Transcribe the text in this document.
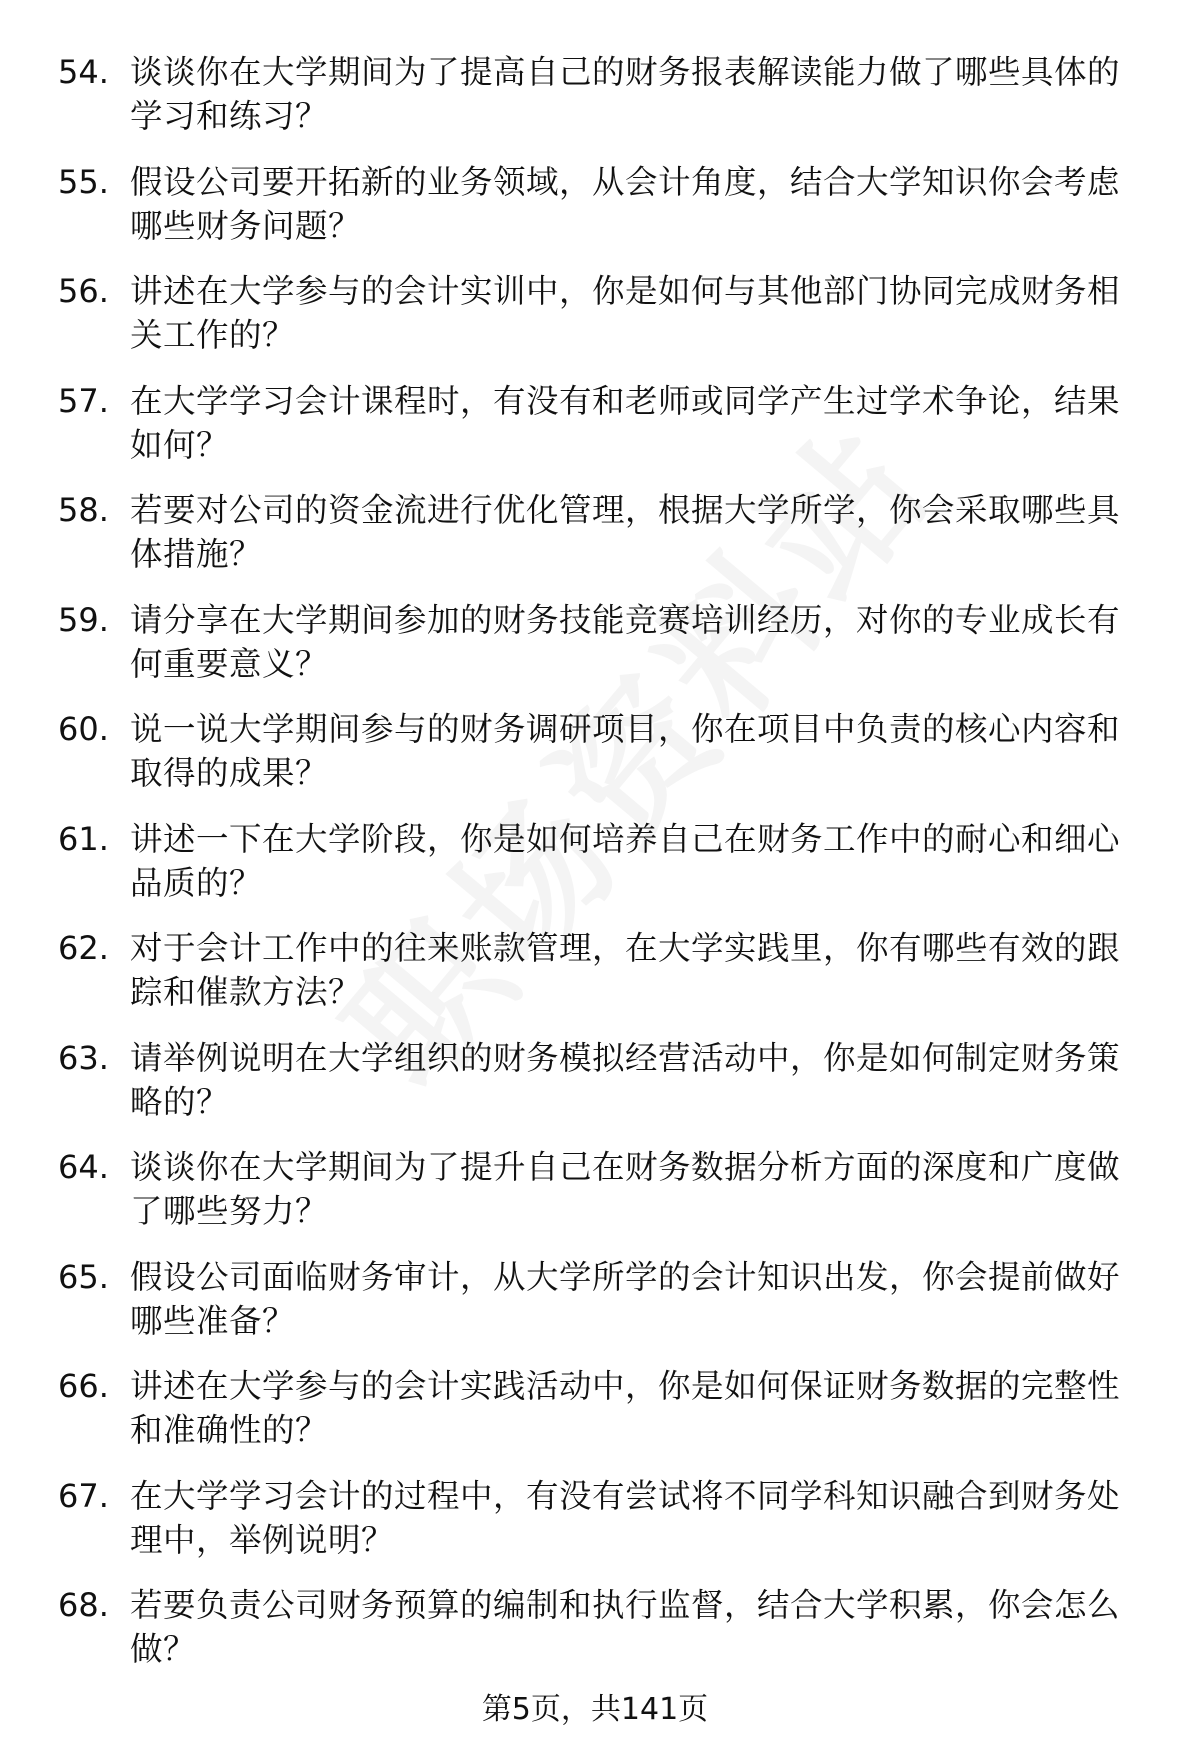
54. 谈谈你在大学期间为了提高自己的财务报表解读能力做了哪些具体的学习和练习？
55. 假设公司要开拓新的业务领域，从会计角度，结合大学知识你会考虑哪些财务问题？
56. 讲述在大学参与的会计实训中，你是如何与其他部门协同完成财务相关工作的？
57. 在大学学习会计课程时，有没有和老师或同学产生过学术争论，结果如何？
58. 若要对公司的资金流进行优化管理，根据大学所学，你会采取哪些具体措施？
59. 请分享在大学期间参加的财务技能竞赛培训经历，对你的专业成长有何重要意义？
60. 说一说大学期间参与的财务调研项目，你在项目中负责的核心内容和取得的成果？
61. 讲述一下在大学阶段，你是如何培养自己在财务工作中的耐心和细心品质的？
62. 对于会计工作中的往来账款管理，在大学实践里，你有哪些有效的跟踪和催款方法？
63. 请举例说明在大学组织的财务模拟经营活动中，你是如何制定财务策略的？
64. 谈谈你在大学期间为了提升自己在财务数据分析方面的深度和广度做了哪些努力？
65. 假设公司面临财务审计，从大学所学的会计知识出发，你会提前做好哪些准备？
66. 讲述在大学参与的会计实践活动中，你是如何保证财务数据的完整性和准确性的？
67. 在大学学习会计的过程中，有没有尝试将不同学科知识融合到财务处理中，举例说明？
68. 若要负责公司财务预算的编制和执行监督，结合大学积累，你会怎么做？
第5页，共141页
